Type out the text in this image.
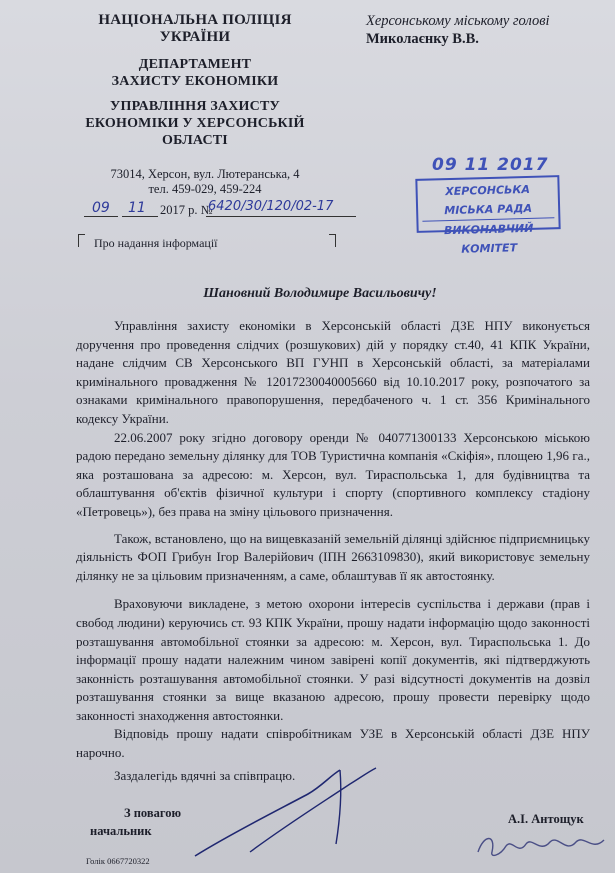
НАЦІОНАЛЬНА ПОЛІЦІЯ
УКРАЇНИ
ДЕПАРТАМЕНТ
ЗАХИСТУ ЕКОНОМІКИ
УПРАВЛІННЯ ЗАХИСТУ
ЕКОНОМІКИ У ХЕРСОНСЬКІЙ
ОБЛАСТІ
73014, Херсон, вул. Лютеранська, 4
тел. 459-029, 459-224
09 11 2017 р. №
6420/30/120/02-17
Про надання інформації
Херсонському міському голові
Миколаєнку В.В.
09 11 2017
ХЕРСОНСЬКА МІСЬКА РАДА
ВИКОНАВЧИЙ КОМІТЕТ
Шановний Володимире Васильовичу!

Управління захисту економіки в Херсонській області ДЗЕ НПУ виконується доручення про проведення слідчих (розшукових) дій у порядку ст.40, 41 КПК України, надане слідчим СВ Херсонського ВП ГУНП в Херсонській області, за матеріалами кримінального провадження № 12017230040005660 від 10.10.2017 року, розпочатого за ознаками кримінального правопорушення, передбаченого ч. 1 ст. 356 Кримінального кодексу України.

22.06.2007 року згідно договору оренди № 040771300133 Херсонською міською радою передано земельну ділянку для ТОВ Туристична компанія «Скіфія», площею 1,96 га., яка розташована за адресою: м. Херсон, вул. Тираспольська 1, для будівництва та облаштування об'єктів фізичної культури і спорту (спортивного комплексу стадіону «Петровець»), без права на зміну цільового призначення.

Також, встановлено, що на вищевказаній земельній ділянці здійснює підприємницьку діяльність ФОП Грибун Ігор Валерійович (ІПН 2663109830), який використовує земельну ділянку не за цільовим призначенням, а саме, облаштував її як автостоянку.

Враховуючи викладене, з метою охорони інтересів суспільства і держави (прав і свобод людини) керуючись ст. 93 КПК України, прошу надати інформацію щодо законності розташування автомобільної стоянки за адресою: м. Херсон, вул. Тираспольська 1. До інформації прошу надати належним чином завірені копії документів, які підтверджують законність розташування автомобільної стоянки. У разі відсутності документів на дозвіл розташування стоянки за вище вказаною адресою, прошу провести перевірку щодо законності знаходження автостоянки.

Відповідь прошу надати співробітникам УЗЕ в Херсонській області ДЗЕ НПУ нарочно.

Заздалегідь вдячні за співпрацю.

З повагою
начальник
А.І. Антощук
Голік 0667720322
